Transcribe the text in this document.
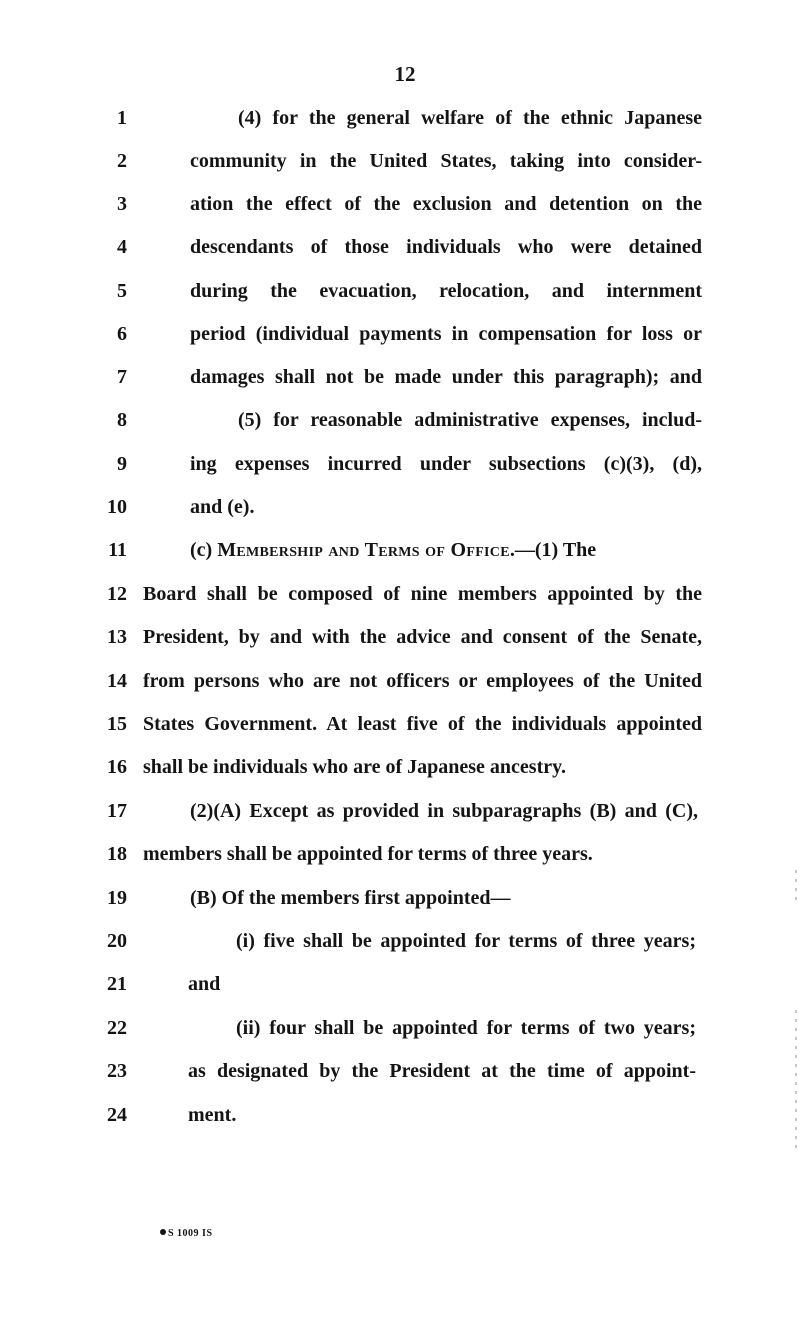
12
1	(4) for the general welfare of the ethnic Japanese
2	community in the United States, taking into consider-
3	ation the effect of the exclusion and detention on the
4	descendants of those individuals who were detained
5	during the evacuation, relocation, and internment
6	period (individual payments in compensation for loss or
7	damages shall not be made under this paragraph); and
8	(5) for reasonable administrative expenses, includ-
9	ing expenses incurred under subsections (c)(3), (d),
10	and (e).
11	(c) Membership and Terms of Office.—(1) The
12 Board shall be composed of nine members appointed by the
13 President, by and with the advice and consent of the Senate,
14 from persons who are not officers or employees of the United
15 States Government. At least five of the individuals appointed
16 shall be individuals who are of Japanese ancestry.
17	(2)(A) Except as provided in subparagraphs (B) and (C),
18 members shall be appointed for terms of three years.
19	(B) Of the members first appointed—
20	(i) five shall be appointed for terms of three years;
21	and
22	(ii) four shall be appointed for terms of two years;
23	as designated by the President at the time of appoint-
24	ment.
S 1009 IS
